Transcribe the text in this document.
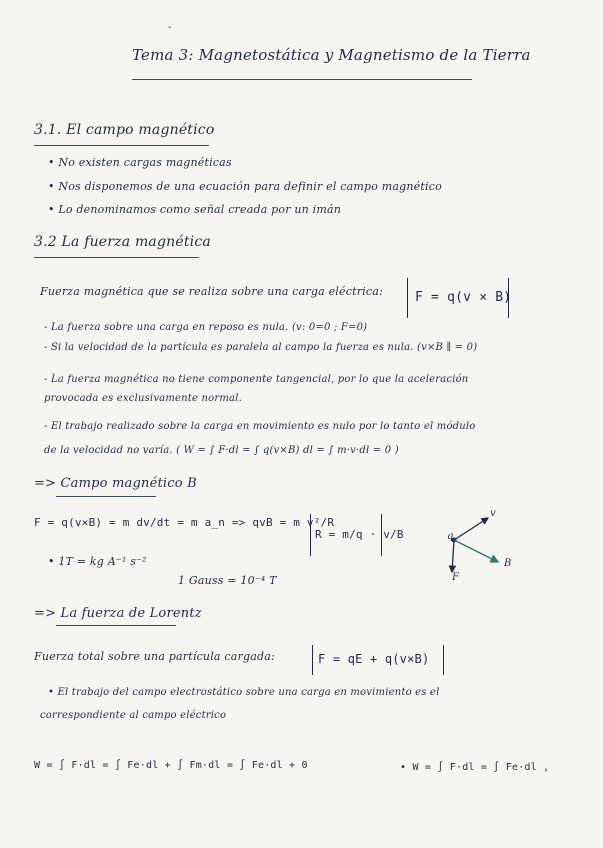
-
Tema 3: Magnetostática y Magnetismo de la Tierra
3.1. El campo magnético
• No existen cargas magnéticas
• Nos disponemos de una ecuación para definir el campo magnético
• Lo denominamos como señal creada por un imán
3.2 La fuerza magnética
Fuerza magnética que se realiza sobre una carga eléctrica: F = q(v × B)
- La fuerza sobre una carga en reposo es nula. (v: 0=0 ; F=0)
- Si la velocidad de la partícula es paralela al campo la fuerza es nula. (v×B ∥ = 0)
- La fuerza magnética no tiene componente tangencial, por lo que la aceleración
provocada es exclusivamente normal.
- El trabajo realizado sobre la carga en movimiento es nulo por lo tanto el módulo
de la velocidad no varía. ( W = ∫ F·dl = ∫ q(v×B) dl = ∫ m·v·dl = 0 )
=> Campo magnético B
F = q(v×B) = m dv/dt = m a_n => qvB = m v²/R
R = m/q · v/B
• 1T = kg A⁻¹ s⁻²
1 Gauss = 10⁻⁴ T
q
v
B
F
=> La fuerza de Lorentz
Fuerza total sobre una partícula cargada:	F = qE + q(v×B)
• El trabajo del campo electrostático sobre una carga en movimiento es el
correspondiente al campo eléctrico
W = ∫ F·dl = ∫ Fe·dl + ∫ Fm·dl = ∫ Fe·dl + 0	• W = ∫ F·dl = ∫ Fe·dl ,
